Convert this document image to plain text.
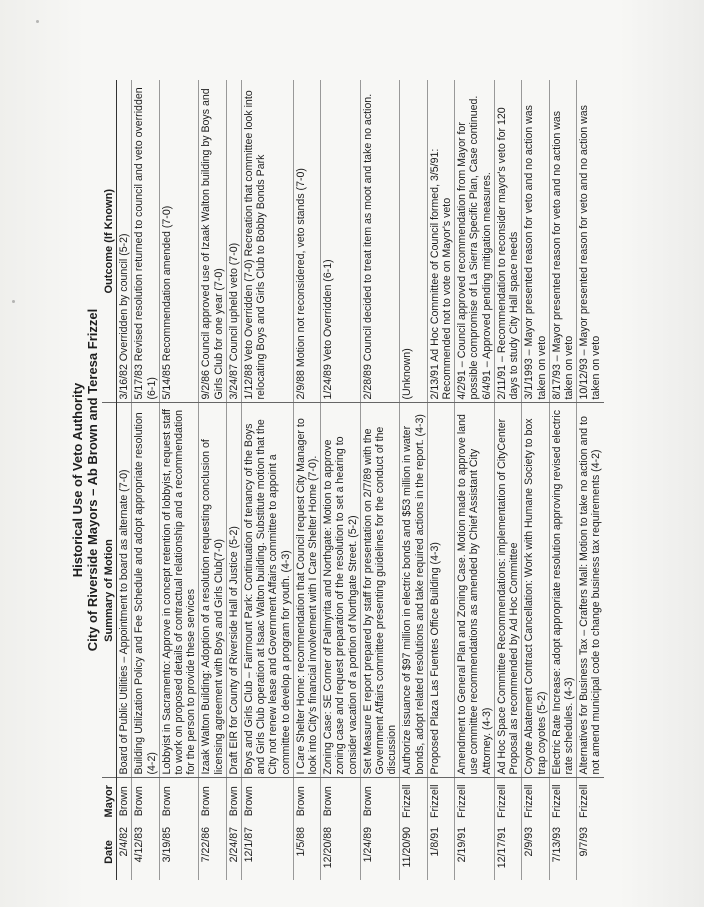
Historical Use of Veto Authority City of Riverside Mayors – Ab Brown and Teresa Frizzel
Date	Mayor	Summary of Motion	Outcome (If Known)
2/4/82	Brown	Board of Public Utilities – Appointment to board as alternate (7-0)	3/16/82 Overridden by council (5-2)
4/12/83	Brown	Building Utilization Policy and Fee Schedule and adopt appropriate resolution (4-2)	5/17/83 Revised resolution returned to council and veto overridden (6-1)
3/19/85	Brown	Lobbyist in Sacramento: Approve in concept retention of lobbyist, request staff to work on proposed details of contractual relationship and a recommendation for the person to provide these services	5/14/85 Recommendation amended (7-0)
7/22/86	Brown	Izaak Walton Building: Adoption of a resolution requesting conclusion of licensing agreement with Boys and Girls Club(7-0)	9/2/86 Council approved use of Izaak Walton building by Boys and Girls Club for one year (7-0)
2/24/87	Brown	Draft EIR for County of Riverside Hall of Justice (5-2)	3/24/87 Council upheld veto (7-0)
12/1/87	Brown	Boys and Girls Club – Fairmount Park: Continuation of tenancy of the Boys and Girls Club operation at Isaac Walton building. Substitute motion that the City not renew lease and Government Affairs committee to appoint a committee to develop a program for youth. (4-3)	1/12/88 Veto Overridden (7-0) Recreation that committee look into relocating Boys and Girls Club to Bobby Bonds Park
1/5/88	Brown	I Care Shelter Home: recommendation that Council request City Manager to look into City's financial involvement with I Care Shelter Home (7-0).	2/9/88 Motion not reconsidered, veto stands (7-0)
12/20/88	Brown	Zoning Case: SE Corner of Palmyrita and Northgate: Motion to approve zoning case and request preparation of the resolution to set a hearing to consider vacation of a portion of Northgate Street. (5-2)	1/24/89 Veto Overridden (6-1)
1/24/89	Brown	Set Measure E report prepared by staff for presentation on 2/7/89 with the Government Affairs committee presenting guidelines for the conduct of the discussion	2/28/89 Council decided to treat item as moot and take no action.
11/20/90	Frizzell	Authorize issuance of $97 million in electric bonds and $53 million in water bonds, adopt related resolutions and take required actions in the report. (4-3)	(Unknown)
1/8/91	Frizzell	Proposed Plaza Las Fuentes Office Building (4-3)	2/13/91 Ad Hoc Committee of Council formed, 3/5/91: Recommended not to vote on Mayor's veto
2/19/91	Frizzell	Amendment to General Plan and Zoning Case. Motion made to approve land use committee recommendations as amended by Chief Assistant City Attorney. (4-3)	4/2/91 – Council approved recommendation from Mayor for possible compromise of La Sierra Specific Plan, Case continued. 6/4/91 – Approved pending mitigation measures.
12/17/91	Frizzell	Ad Hoc Space Committee Recommendations: implementation of CityCenter Proposal as recommended by Ad Hoc Committee	2/11/91 – Recommendation to reconsider mayor's veto for 120 days to study City Hall space needs
2/9/93	Frizzell	Coyote Abatement Contract Cancellation: Work with Humane Society to box trap coyotes (5-2)	3/1/1993 – Mayor presented reason for veto and no action was taken on veto
7/13/93	Frizzell	Electric Rate Increase: adopt appropriate resolution approving revised electric rate schedules. (4-3)	8/17/93 – Mayor presented reason for veto and no action was taken on veto
9/7/93	Frizzell	Alternatives for Business Tax – Crafters Mall: Motion to take no action and to not amend municipal code to change business tax requirements (4-2)	10/12/93 – Mayor presented reason for veto and no action was taken on veto
